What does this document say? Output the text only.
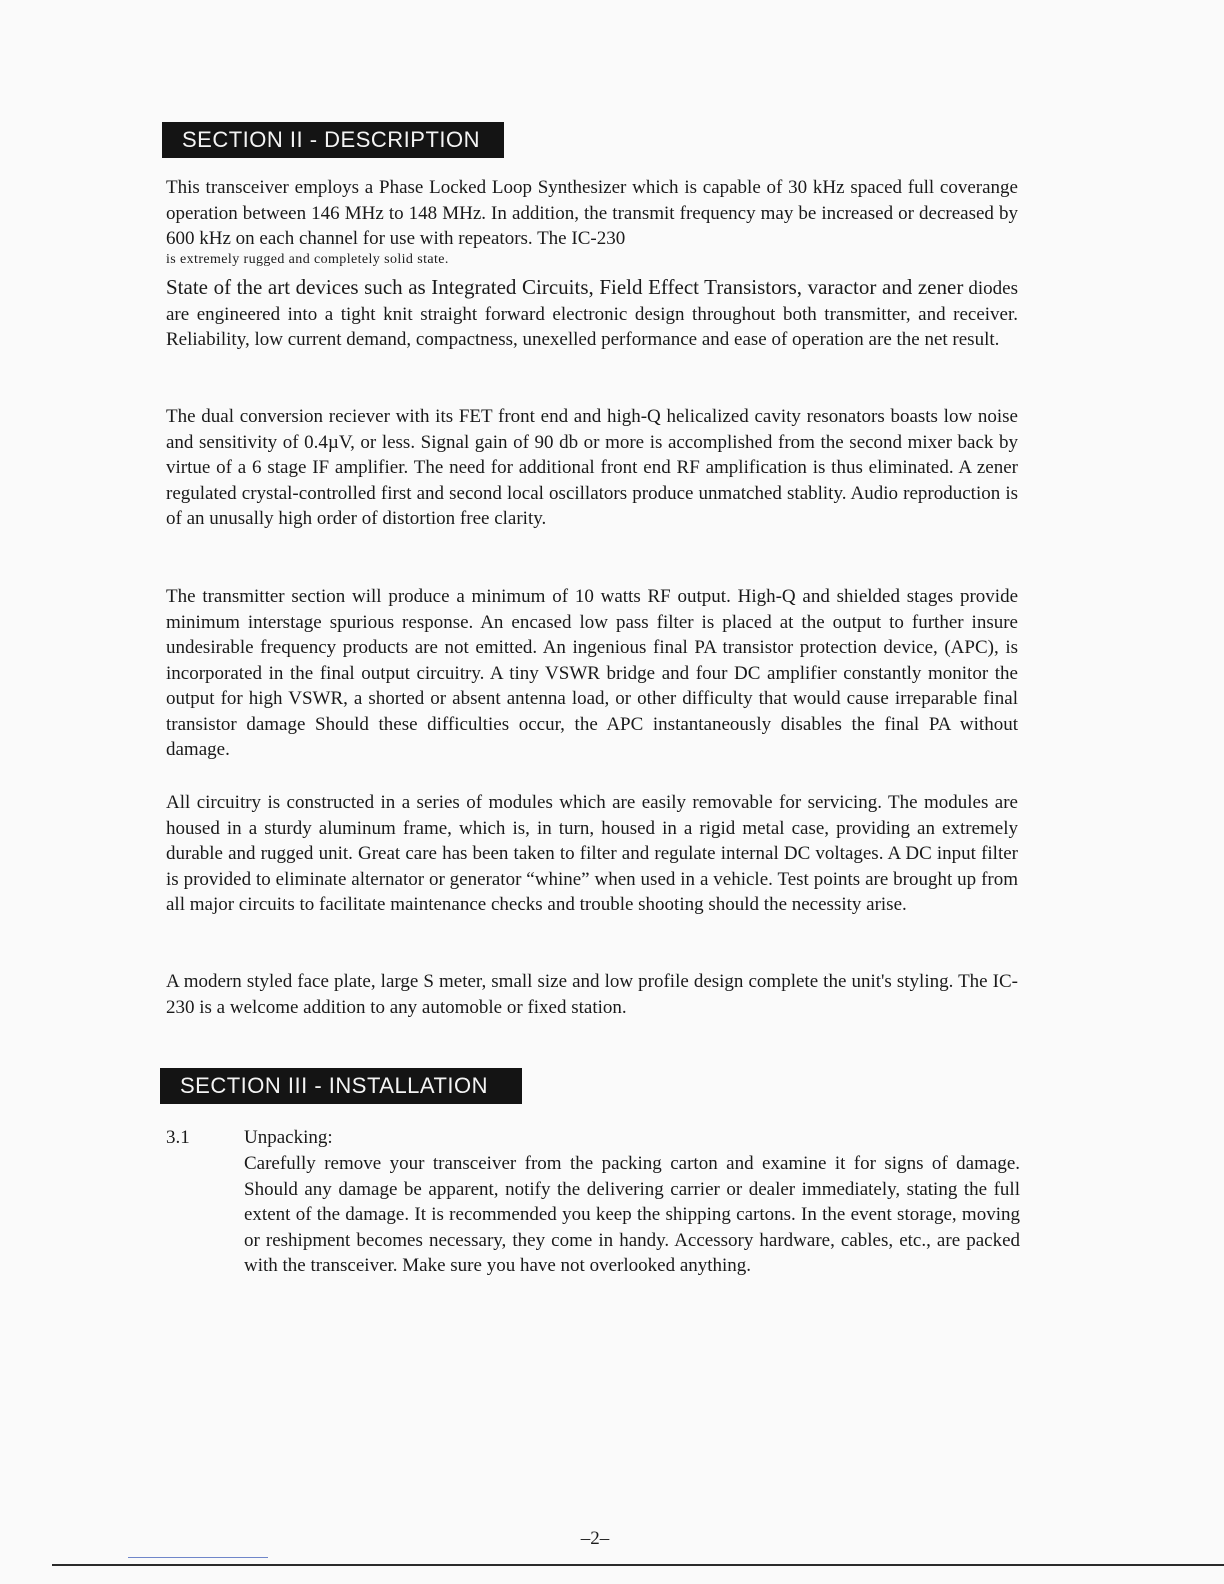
SECTION II - DESCRIPTION

This transceiver employs a Phase Locked Loop Synthesizer which is capable of 30 kHz spaced full coverange operation between 146 MHz to 148 MHz. In addition, the transmit frequency may be increased or decreased by 600 kHz on each channel for use with repeators. The IC-230

is extremely rugged and completely solid state.

State of the art devices such as Integrated Circuits, Field Effect Transistors, varactor and zener diodes are engineered into a tight knit straight forward electronic design throughout both transmitter, and receiver. Reliability, low current demand, compactness, unexelled performance and ease of operation are the net result.

The dual conversion reciever with its FET front end and high-Q helicalized cavity resonators boasts low noise and sensitivity of 0.4µV, or less. Signal gain of 90 db or more is accomplished from the second mixer back by virtue of a 6 stage IF amplifier. The need for additional front end RF amplification is thus eliminated. A zener regulated crystal-controlled first and second local oscillators produce unmatched stablity. Audio reproduction is of an unusally high order of distortion free clarity.

The transmitter section will produce a minimum of 10 watts RF output. High-Q and shielded stages provide minimum interstage spurious response. An encased low pass filter is placed at the output to further insure undesirable frequency products are not emitted. An ingenious final PA transistor protection device, (APC), is incorporated in the final output circuitry. A tiny VSWR bridge and four DC amplifier constantly monitor the output for high VSWR, a shorted or absent antenna load, or other difficulty that would cause irreparable final transistor damage Should these difficulties occur, the APC instantaneously disables the final PA without damage.

All circuitry is constructed in a series of modules which are easily removable for servicing. The modules are housed in a sturdy aluminum frame, which is, in turn, housed in a rigid metal case, providing an extremely durable and rugged unit. Great care has been taken to filter and regulate internal DC voltages. A DC input filter is provided to eliminate alternator or generator “whine” when used in a vehicle. Test points are brought up from all major circuits to facilitate maintenance checks and trouble shooting should the necessity arise.

A modern styled face plate, large S meter, small size and low profile design complete the unit's styling. The IC-230 is a welcome addition to any automoble or fixed station.

SECTION III - INSTALLATION
3.1	Unpacking:

Carefully remove your transceiver from the packing carton and examine it for signs of damage. Should any damage be apparent, notify the delivering carrier or dealer immediately, stating the full extent of the damage. It is recommended you keep the shipping cartons. In the event storage, moving or reshipment becomes necessary, they come in handy. Accessory hardware, cables, etc., are packed with the transceiver. Make sure you have not overlooked anything.

–2–
